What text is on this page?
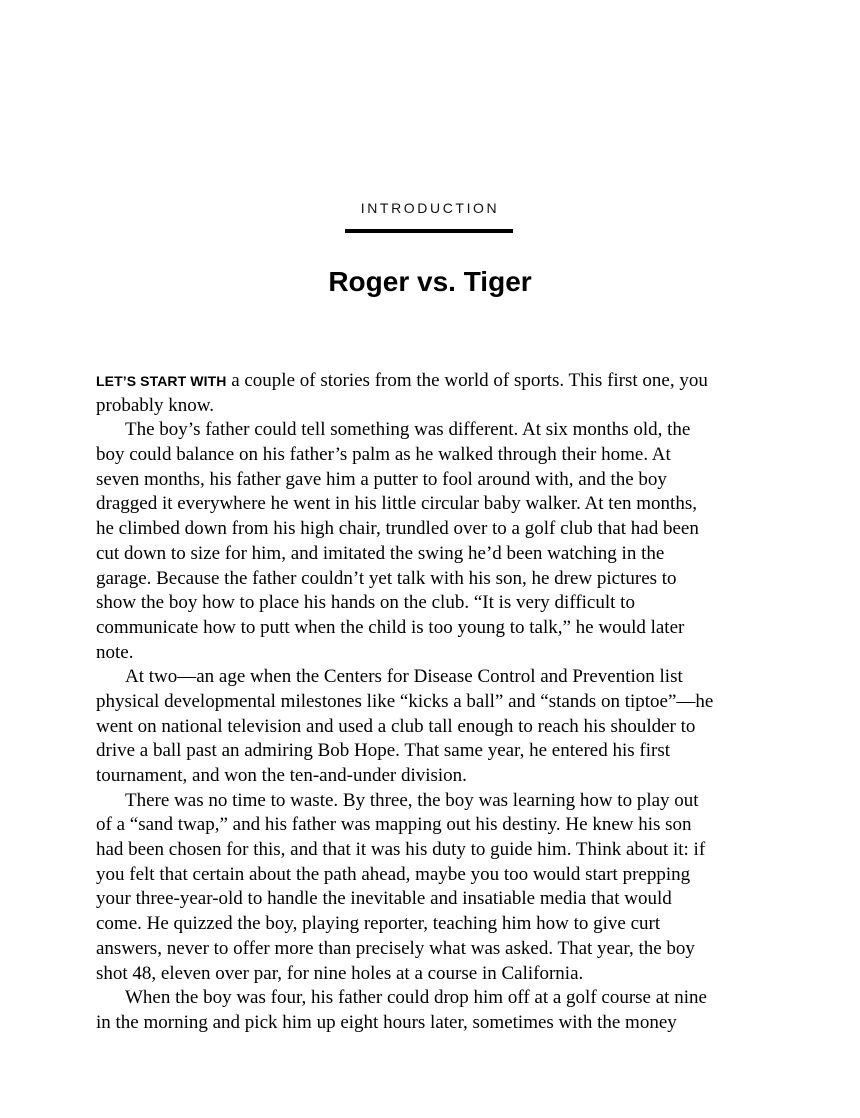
INTRODUCTION
Roger vs. Tiger
LET’S START WITH a couple of stories from the world of sports. This first one, you
probably know.
The boy’s father could tell something was different. At six months old, the
boy could balance on his father’s palm as he walked through their home. At
seven months, his father gave him a putter to fool around with, and the boy
dragged it everywhere he went in his little circular baby walker. At ten months,
he climbed down from his high chair, trundled over to a golf club that had been
cut down to size for him, and imitated the swing he’d been watching in the
garage. Because the father couldn’t yet talk with his son, he drew pictures to
show the boy how to place his hands on the club. “It is very difficult to
communicate how to putt when the child is too young to talk,” he would later
note.
At two—an age when the Centers for Disease Control and Prevention list
physical developmental milestones like “kicks a ball” and “stands on tiptoe”—he
went on national television and used a club tall enough to reach his shoulder to
drive a ball past an admiring Bob Hope. That same year, he entered his first
tournament, and won the ten-and-under division.
There was no time to waste. By three, the boy was learning how to play out
of a “sand twap,” and his father was mapping out his destiny. He knew his son
had been chosen for this, and that it was his duty to guide him. Think about it: if
you felt that certain about the path ahead, maybe you too would start prepping
your three-year-old to handle the inevitable and insatiable media that would
come. He quizzed the boy, playing reporter, teaching him how to give curt
answers, never to offer more than precisely what was asked. That year, the boy
shot 48, eleven over par, for nine holes at a course in California.
When the boy was four, his father could drop him off at a golf course at nine
in the morning and pick him up eight hours later, sometimes with the money
